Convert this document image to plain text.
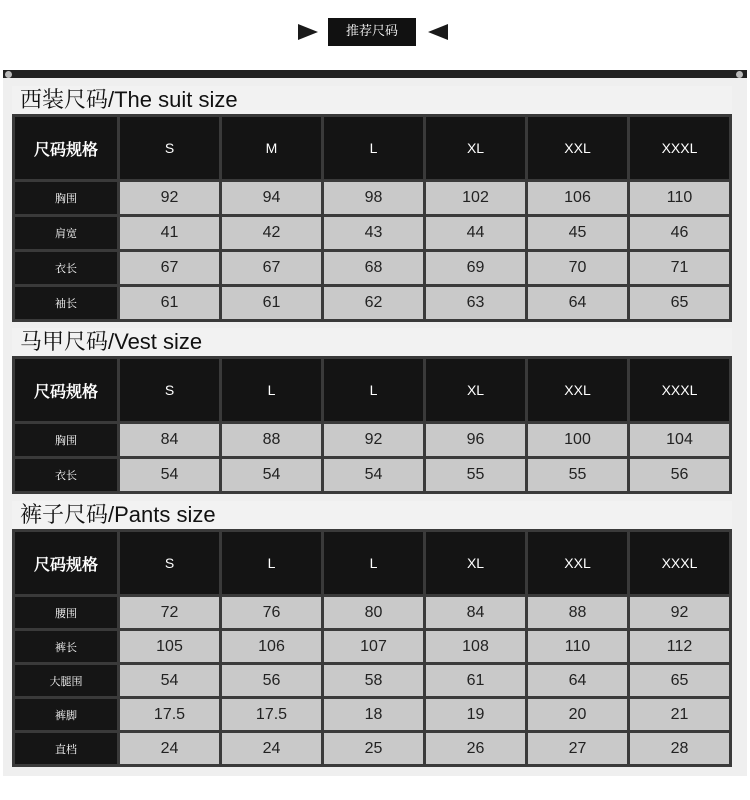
推荐尺码
西装尺码/The suit size
尺码规格	S	M	L	XL	XXL	XXXL
胸围	92	94	98	102	106	110
肩宽	41	42	43	44	45	46
衣长	67	67	68	69	70	71
袖长	61	61	62	63	64	65
马甲尺码/Vest size
尺码规格	S	L	L	XL	XXL	XXXL
胸围	84	88	92	96	100	104
衣长	54	54	54	55	55	56
裤子尺码/Pants size
尺码规格	S	L	L	XL	XXL	XXXL
腰围	72	76	80	84	88	92
裤长	105	106	107	108	110	112
大腿围	54	56	58	61	64	65
裤脚	17.5	17.5	18	19	20	21
直档	24	24	25	26	27	28
